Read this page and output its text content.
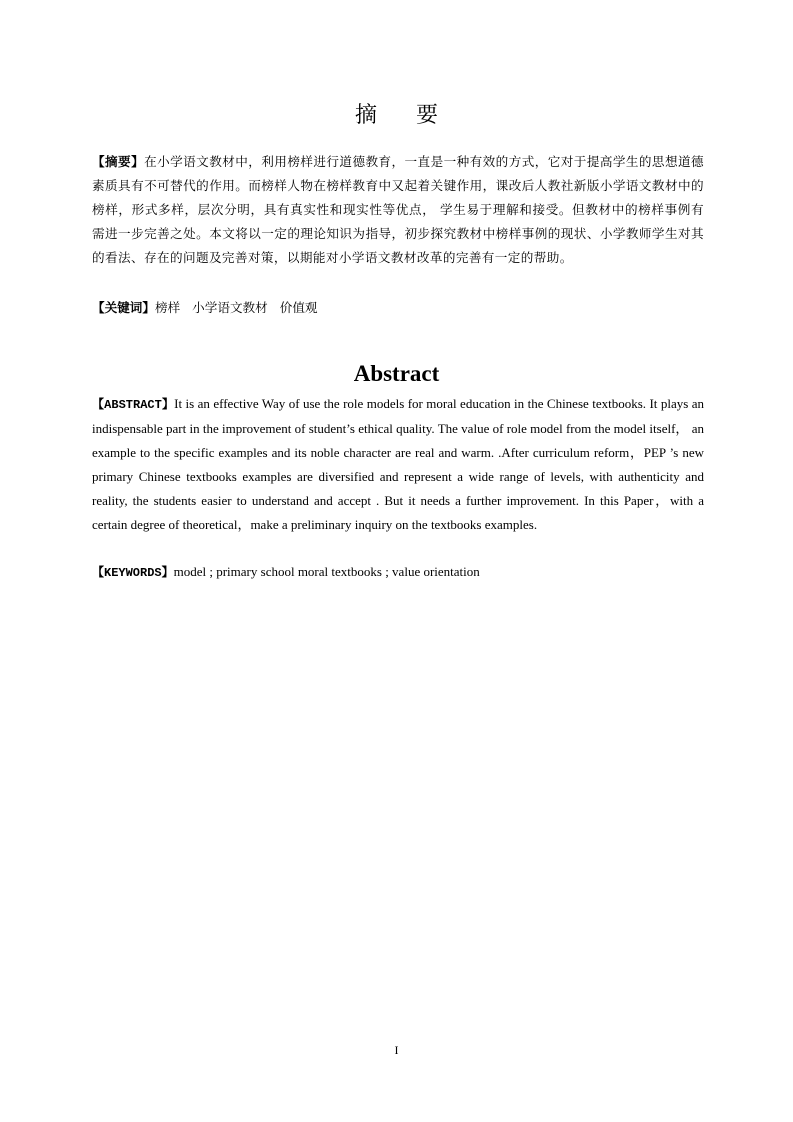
摘 要
【摘要】在小学语文教材中，利用榜样进行道德教育，一直是一种有效的方式，它对于提高学生的思想道德素质具有不可替代的作用。而榜样人物在榜样教育中又起着关键作用，课改后人教社新版小学语文教材中的榜样，形式多样，层次分明，具有真实性和现实性等优点， 学生易于理解和接受。但教材中的榜样事例有需进一步完善之处。本文将以一定的理论知识为指导，初步探究教材中榜样事例的现状、小学教师学生对其的看法、存在的问题及完善对策，以期能对小学语文教材改革的完善有一定的帮助。
【关键词】榜样 小学语文教材 价值观
Abstract
【ABSTRACT】It is an effective Way of use the role models for moral education in the Chinese textbooks. It plays an indispensable part in the improvement of student’s ethical quality. The value of role model from the model itself， an example to the specific examples and its noble character are real and warm. .After curriculum reform，PEP ’s new primary Chinese textbooks examples are diversified and represent a wide range of levels, with authenticity and reality, the students easier to understand and accept . But it needs a further improvement. In this Paper，with a certain degree of theoretical，make a preliminary inquiry on the textbooks examples.
【KEYWORDS】model ; primary school moral textbooks ; value orientation
I
